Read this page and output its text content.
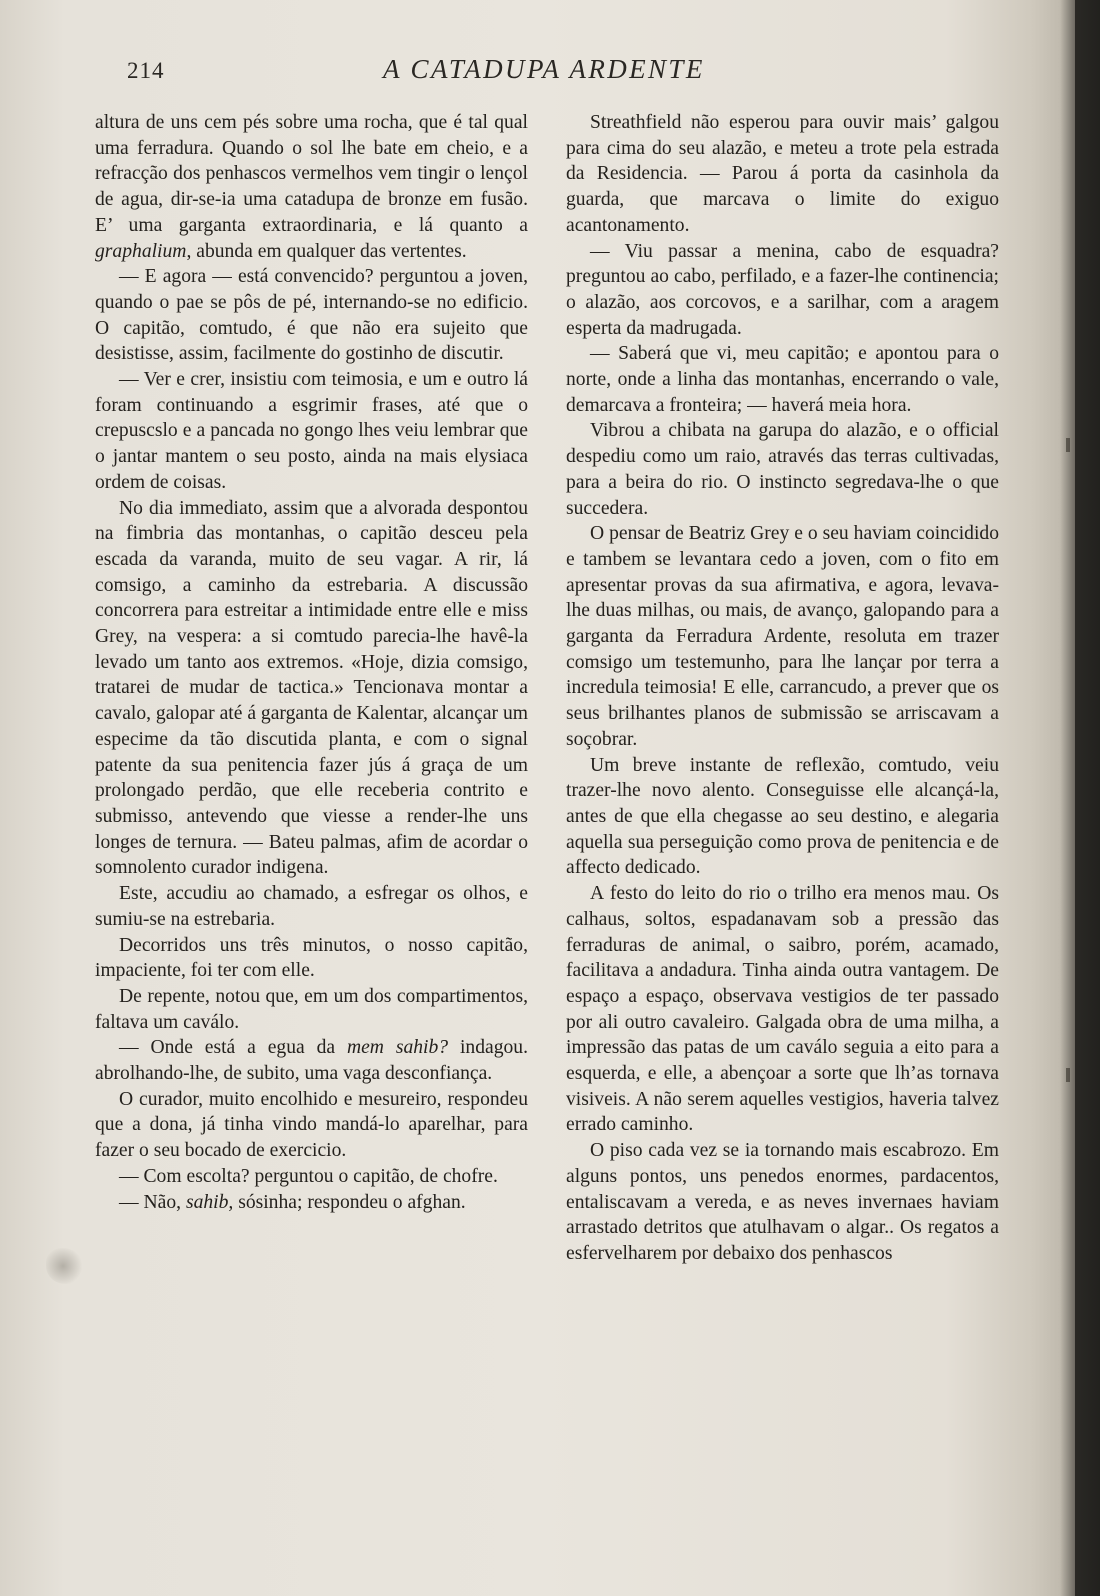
214	A CATADUPA ARDENTE

altura de uns cem pés sobre uma rocha, que é tal qual uma ferradura. Quando o sol lhe bate em cheio, e a refracção dos penhascos vermelhos vem tingir o lençol de agua, dir-se-ia uma catadupa de bronze em fusão. E’ uma garganta extraordinaria, e lá quanto a graphalium, abunda em qualquer das vertentes.

— E agora — está convencido? perguntou a joven, quando o pae se pôs de pé, internando-se no edificio. O capitão, comtudo, é que não era sujeito que desistisse, assim, facilmente do gostinho de discutir.

— Ver e crer, insistiu com teimosia, e um e outro lá foram continuando a esgrimir frases, até que o crepuscslo e a pancada no gongo lhes veiu lembrar que o jantar mantem o seu posto, ainda na mais elysiaca ordem de coisas.

No dia immediato, assim que a alvorada despontou na fimbria das montanhas, o capitão desceu pela escada da varanda, muito de seu vagar. A rir, lá comsigo, a caminho da estrebaria. A discussão concorrera para estreitar a intimidade entre elle e miss Grey, na vespera: a si comtudo parecia-lhe havê-la levado um tanto aos extremos. «Hoje, dizia comsigo, tratarei de mudar de tactica.» Tencionava montar a cavalo, galopar até á garganta de Kalentar, alcançar um especime da tão discutida planta, e com o signal patente da sua penitencia fazer jús á graça de um prolongado perdão, que elle receberia contrito e submisso, antevendo que viesse a render-lhe uns longes de ternura. — Bateu palmas, afim de acordar o somnolento curador indigena.

Este, accudiu ao chamado, a esfregar os olhos, e sumiu-se na estrebaria.

Decorridos uns três minutos, o nosso capitão, impaciente, foi ter com elle.

De repente, notou que, em um dos compartimentos, faltava um caválo.

— Onde está a egua da mem sahib? indagou. abrolhando-lhe, de subito, uma vaga desconfiança.

O curador, muito encolhido e mesureiro, respondeu que a dona, já tinha vindo mandá-lo aparelhar, para fazer o seu bocado de exercicio.

— Com escolta? perguntou o capitão, de chofre.

— Não, sahib, sósinha; respondeu o afghan.

Streathfield não esperou para ouvir mais’ galgou para cima do seu alazão, e meteu a trote pela estrada da Residencia. — Parou á porta da casinhola da guarda, que marcava o limite do exiguo acantonamento.

— Viu passar a menina, cabo de esquadra? preguntou ao cabo, perfilado, e a fazer-lhe continencia; o alazão, aos corcovos, e a sarilhar, com a aragem esperta da madrugada.

— Saberá que vi, meu capitão; e apontou para o norte, onde a linha das montanhas, encerrando o vale, demarcava a fronteira; — haverá meia hora.

Vibrou a chibata na garupa do alazão, e o official despediu como um raio, através das terras cultivadas, para a beira do rio. O instincto segredava-lhe o que succedera.

O pensar de Beatriz Grey e o seu haviam coincidido e tambem se levantara cedo a joven, com o fito em apresentar provas da sua afirmativa, e agora, levava-lhe duas milhas, ou mais, de avanço, galopando para a garganta da Ferradura Ardente, resoluta em trazer comsigo um testemunho, para lhe lançar por terra a incredula teimosia! E elle, carrancudo, a prever que os seus brilhantes planos de submissão se arriscavam a soçobrar.

Um breve instante de reflexão, comtudo, veiu trazer-lhe novo alento. Conseguisse elle alcançá-la, antes de que ella chegasse ao seu destino, e alegaria aquella sua perseguição como prova de penitencia e de affecto dedicado.

A festo do leito do rio o trilho era menos mau. Os calhaus, soltos, espadanavam sob a pressão das ferraduras de animal, o saibro, porém, acamado, facilitava a andadura. Tinha ainda outra vantagem. De espaço a espaço, observava vestigios de ter passado por ali outro cavaleiro. Galgada obra de uma milha, a impressão das patas de um caválo seguia a eito para a esquerda, e elle, a abençoar a sorte que lh’as tornava visiveis. A não serem aquelles vestigios, haveria talvez errado caminho.

O piso cada vez se ia tornando mais escabrozo. Em alguns pontos, uns penedos enormes, pardacentos, entaliscavam a vereda, e as neves invernaes haviam arrastado detritos que atulhavam o algar.. Os regatos a esfervelharem por debaixo dos penhascos
